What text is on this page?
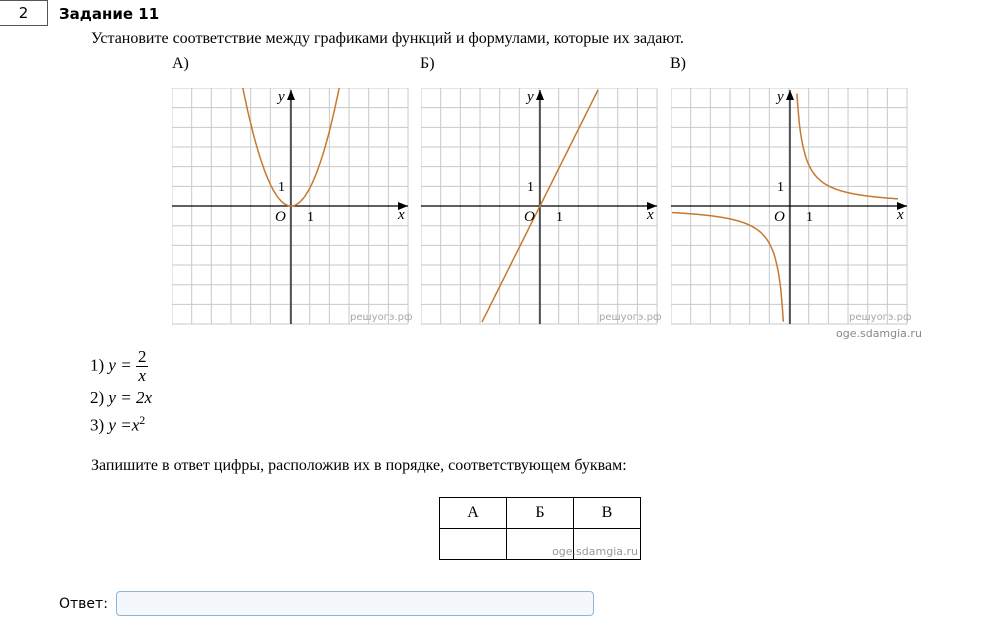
2	Задание 11
Установите соответствие между графиками функций и формулами, которые их задают.
А)	Б)	В)
x
y
O 1
1
решуогэ.рф
x
y
O 1
1
решуогэ.рф
x
y
O 1
1
решуогэ.рф
oge.sdamgia.ru
1) $y = \frac{2}{x}$
2) y = 2x
3) $y =x^2$
Запишите в ответ цифры, расположив их в порядке, соответствующем буквам:
А	Б	В

		oge.sdamgia.ru
Ответ:
